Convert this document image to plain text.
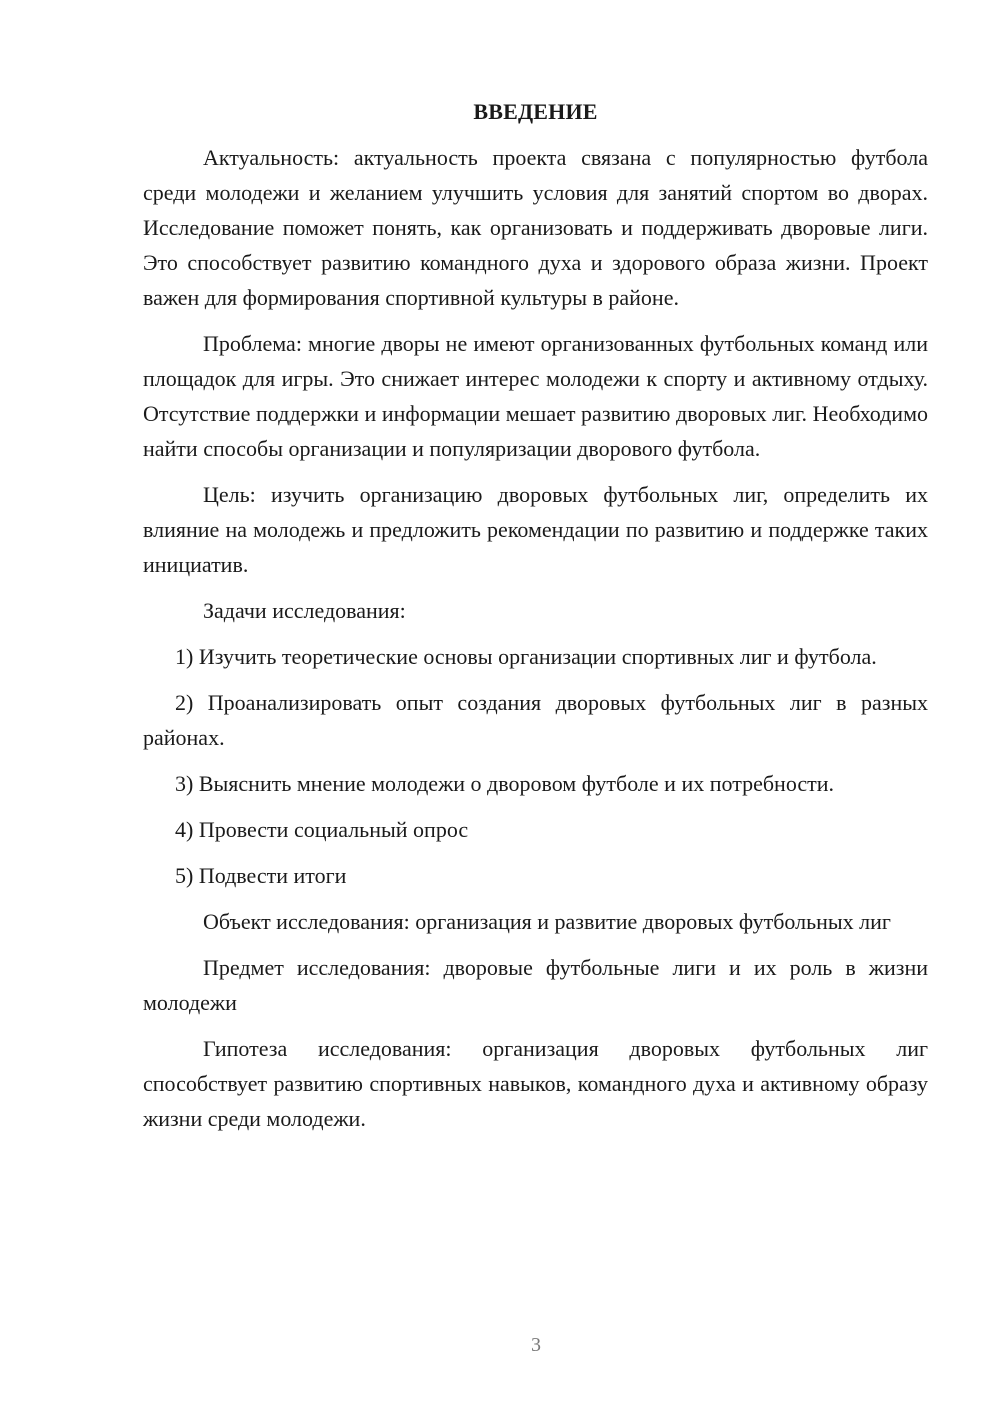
ВВЕДЕНИЕ

Актуальность: актуальность проекта связана с популярностью футбола среди молодежи и желанием улучшить условия для занятий спортом во дворах. Исследование поможет понять, как организовать и поддерживать дворовые лиги. Это способствует развитию командного духа и здорового образа жизни. Проект важен для формирования спортивной культуры в районе.

Проблема: многие дворы не имеют организованных футбольных команд или площадок для игры. Это снижает интерес молодежи к спорту и активному отдыху. Отсутствие поддержки и информации мешает развитию дворовых лиг. Необходимо найти способы организации и популяризации дворового футбола.

Цель: изучить организацию дворовых футбольных лиг, определить их влияние на молодежь и предложить рекомендации по развитию и поддержке таких инициатив.

Задачи исследования:

1) Изучить теоретические основы организации спортивных лиг и футбола.

2) Проанализировать опыт создания дворовых футбольных лиг в разных районах.

3) Выяснить мнение молодежи о дворовом футболе и их потребности.

4) Провести социальный опрос

5) Подвести итоги

Объект исследования: организация и развитие дворовых футбольных лиг

Предмет исследования: дворовые футбольные лиги и их роль в жизни молодежи

Гипотеза исследования: организация дворовых футбольных лиг способствует развитию спортивных навыков, командного духа и активному образу жизни среди молодежи.

3
